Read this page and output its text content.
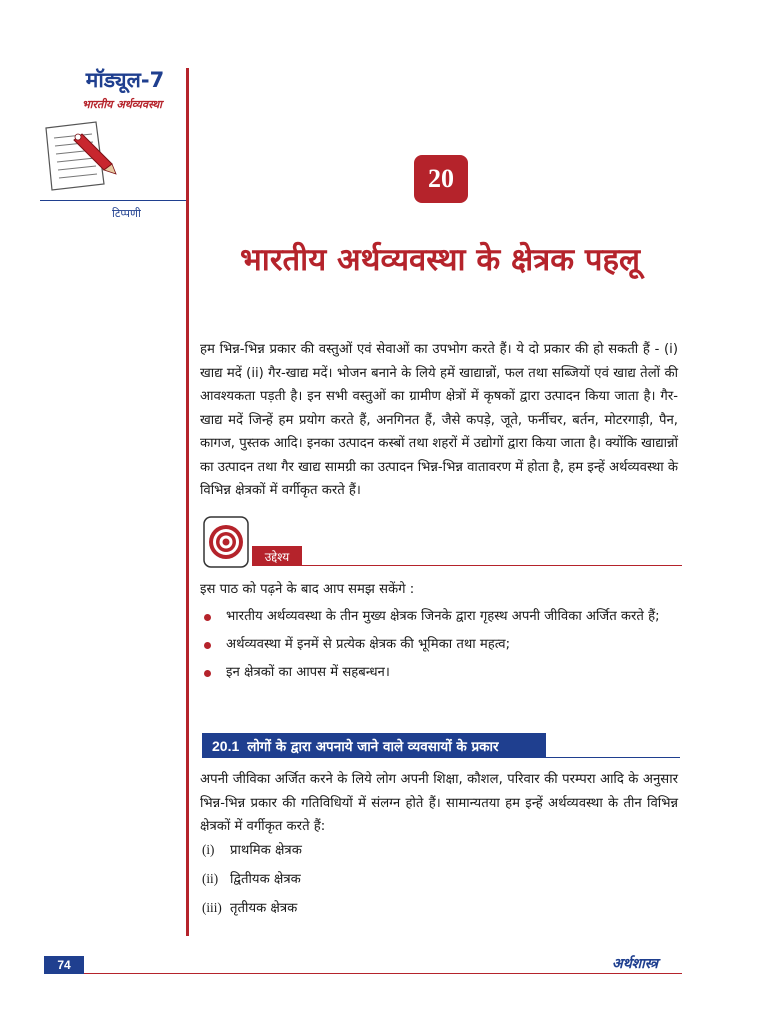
मॉड्यूल-7
भारतीय अर्थव्यवस्था
टिप्पणी
20
भारतीय अर्थव्यवस्था के क्षेत्रक पहलू
हम भिन्न-भिन्न प्रकार की वस्तुओं एवं सेवाओं का उपभोग करते हैं। ये दो प्रकार की हो सकती हैं - (i) खाद्य मदें (ii) गैर-खाद्य मदें। भोजन बनाने के लिये हमें खाद्यान्नों, फल तथा सब्जियों एवं खाद्य तेलों की आवश्यकता पड़ती है। इन सभी वस्तुओं का ग्रामीण क्षेत्रों में कृषकों द्वारा उत्पादन किया जाता है। गैर-खाद्य मदें जिन्हें हम प्रयोग करते हैं, अनगिनत हैं, जैसे कपड़े, जूते, फर्नीचर, बर्तन, मोटरगाड़ी, पैन, कागज, पुस्तक आदि। इनका उत्पादन कस्बों तथा शहरों में उद्योगों द्वारा किया जाता है। क्योंकि खाद्यान्नों का उत्पादन तथा गैर खाद्य सामग्री का उत्पादन भिन्न-भिन्न वातावरण में होता है, हम इन्हें अर्थव्यवस्था के विभिन्न क्षेत्रकों में वर्गीकृत करते हैं।
उद्देश्य
इस पाठ को पढ़ने के बाद आप समझ सकेंगे :
भारतीय अर्थव्यवस्था के तीन मुख्य क्षेत्रक जिनके द्वारा गृहस्थ अपनी जीविका अर्जित करते हैं;
अर्थव्यवस्था में इनमें से प्रत्येक क्षेत्रक की भूमिका तथा महत्व;
इन क्षेत्रकों का आपस में सहबन्धन।
20.1 लोगों के द्वारा अपनाये जाने वाले व्यवसायों के प्रकार
अपनी जीविका अर्जित करने के लिये लोग अपनी शिक्षा, कौशल, परिवार की परम्परा आदि के अनुसार भिन्न-भिन्न प्रकार की गतिविधियों में संलग्न होते हैं। सामान्यतया हम इन्हें अर्थव्यवस्था के तीन विभिन्न क्षेत्रकों में वर्गीकृत करते हैं:
(i) प्राथमिक क्षेत्रक
(ii) द्वितीयक क्षेत्रक
(iii) तृतीयक क्षेत्रक
74	अर्थशास्त्र
